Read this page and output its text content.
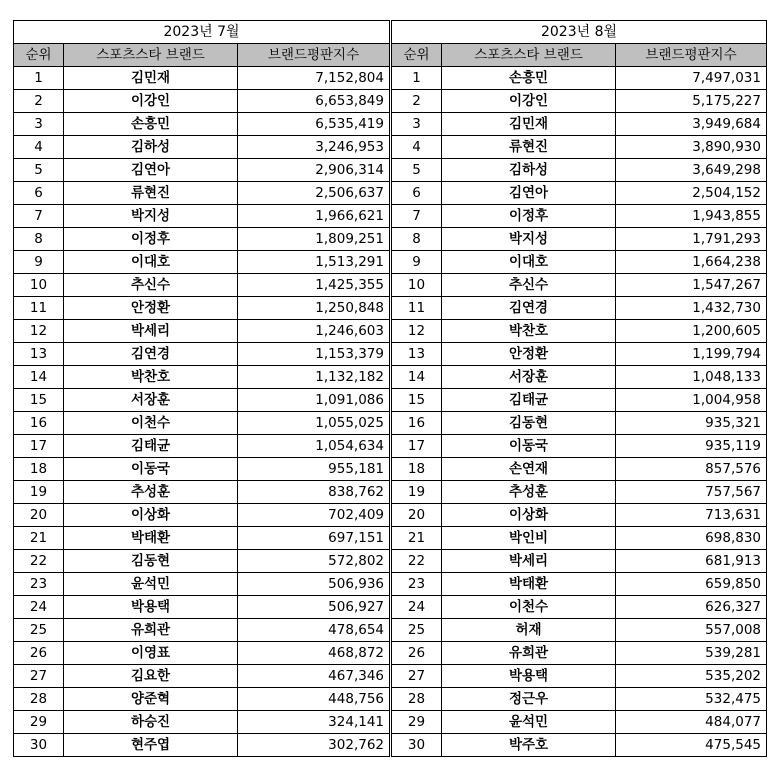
2023년 7월		
순위	스포츠스타 브랜드	브랜드평판지수
1	김민재	7,152,804
2	이강인	6,653,849
3	손흥민	6,535,419
4	김하성	3,246,953
5	김연아	2,906,314
6	류현진	2,506,637
7	박지성	1,966,621
8	이정후	1,809,251
9	이대호	1,513,291
10	추신수	1,425,355
11	안정환	1,250,848
12	박세리	1,246,603
13	김연경	1,153,379
14	박찬호	1,132,182
15	서장훈	1,091,086
16	이천수	1,055,025
17	김태균	1,054,634
18	이동국	955,181
19	추성훈	838,762
20	이상화	702,409
21	박태환	697,151
22	김동현	572,802
23	윤석민	506,936
24	박용택	506,927
25	유희관	478,654
26	이영표	468,872
27	김요한	467,346
28	양준혁	448,756
29	하승진	324,141
30	현주엽	302,762
2023년 8월		
순위	스포츠스타 브랜드	브랜드평판지수
1	손흥민	7,497,031
2	이강인	5,175,227
3	김민재	3,949,684
4	류현진	3,890,930
5	김하성	3,649,298
6	김연아	2,504,152
7	이정후	1,943,855
8	박지성	1,791,293
9	이대호	1,664,238
10	추신수	1,547,267
11	김연경	1,432,730
12	박찬호	1,200,605
13	안정환	1,199,794
14	서장훈	1,048,133
15	김태균	1,004,958
16	김동현	935,321
17	이동국	935,119
18	손연재	857,576
19	추성훈	757,567
20	이상화	713,631
21	박인비	698,830
22	박세리	681,913
23	박태환	659,850
24	이천수	626,327
25	허재	557,008
26	유희관	539,281
27	박용택	535,202
28	정근우	532,475
29	윤석민	484,077
30	박주호	475,545
